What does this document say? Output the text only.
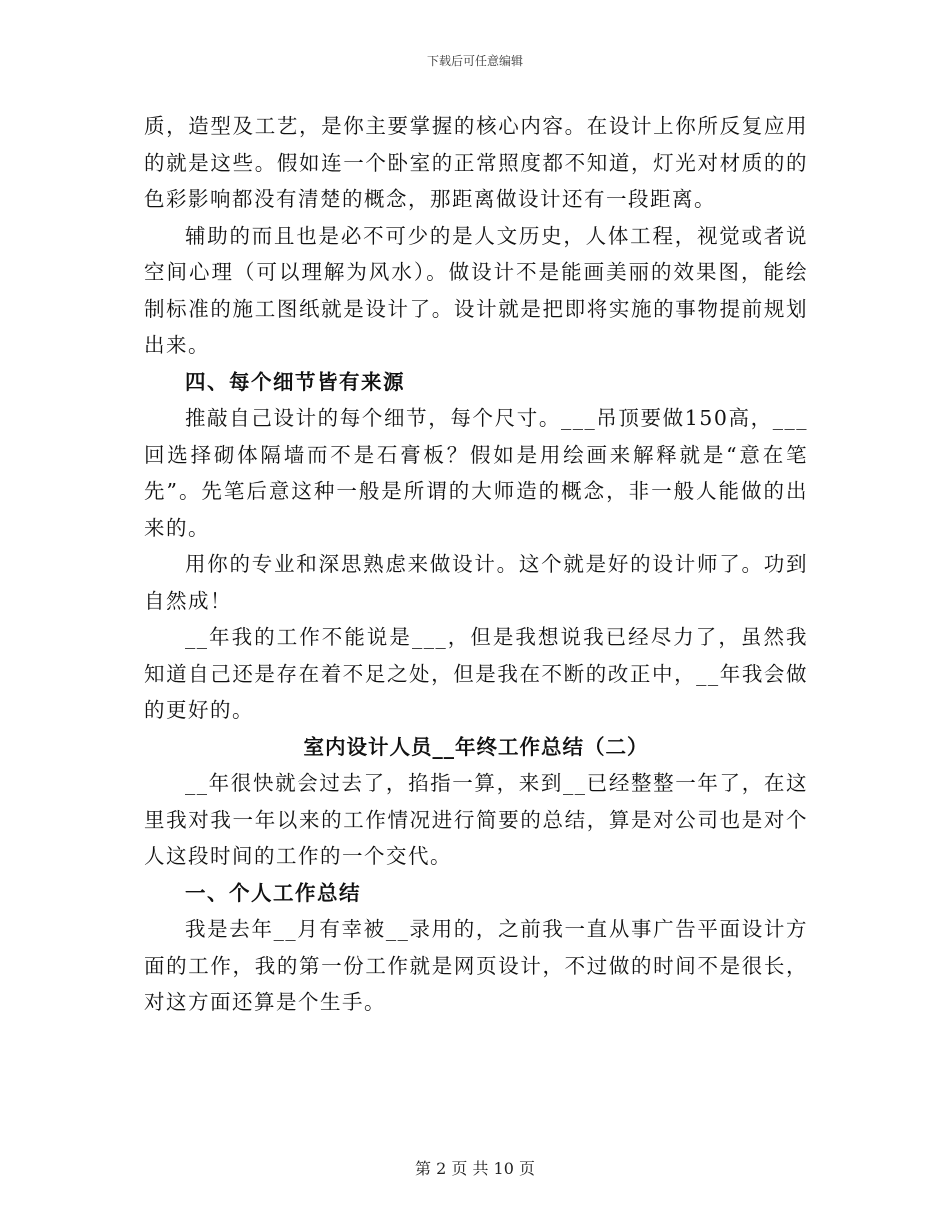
下载后可任意编辑

质，造型及工艺，是你主要掌握的核心内容。在设计上你所反复应用的就是这些。假如连一个卧室的正常照度都不知道，灯光对材质的的色彩影响都没有清楚的概念，那距离做设计还有一段距离。

辅助的而且也是必不可少的是人文历史，人体工程，视觉或者说空间心理（可以理解为风水）。做设计不是能画美丽的效果图，能绘制标准的施工图纸就是设计了。设计就是把即将实施的事物提前规划出来。

四、每个细节皆有来源

推敲自己设计的每个细节，每个尺寸。___吊顶要做150高，___回选择砌体隔墙而不是石膏板？假如是用绘画来解释就是“意在笔先”。先笔后意这种一般是所谓的大师造的概念，非一般人能做的出来的。

用你的专业和深思熟虑来做设计。这个就是好的设计师了。功到自然成！

__年我的工作不能说是___，但是我想说我已经尽力了，虽然我知道自己还是存在着不足之处，但是我在不断的改正中，__年我会做的更好的。

室内设计人员__年终工作总结（二）

__年很快就会过去了，掐指一算，来到__已经整整一年了，在这里我对我一年以来的工作情况进行简要的总结，算是对公司也是对个人这段时间的工作的一个交代。

一、个人工作总结

我是去年__月有幸被__录用的，之前我一直从事广告平面设计方面的工作，我的第一份工作就是网页设计，不过做的时间不是很长，对这方面还算是个生手。

第 2 页 共 10 页
